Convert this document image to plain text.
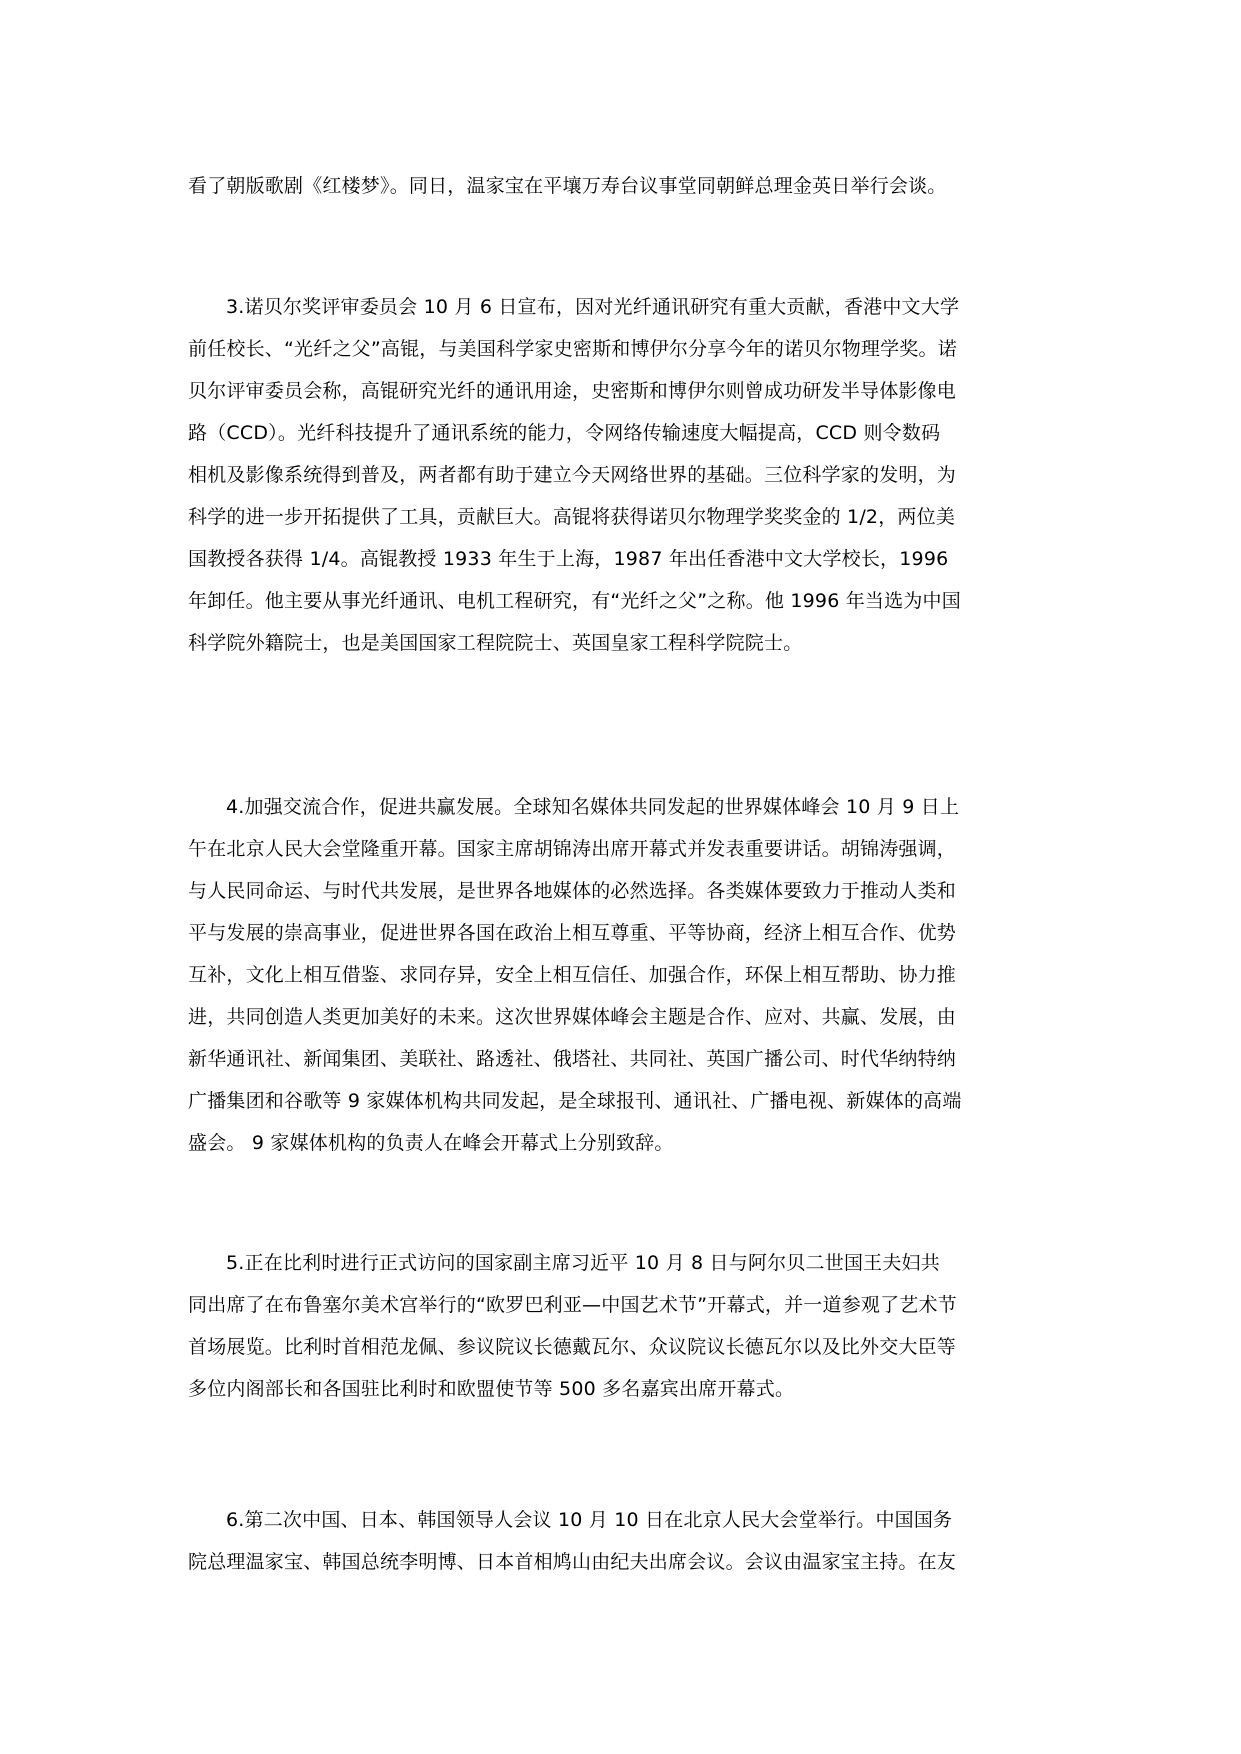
看了朝版歌剧《红楼梦》。同日，温家宝在平壤万寿台议事堂同朝鲜总理金英日举行会谈。
3.诺贝尔奖评审委员会 10 月 6 日宣布，因对光纤通讯研究有重大贡献，香港中文大学
前任校长、“光纤之父”高锟，与美国科学家史密斯和博伊尔分享今年的诺贝尔物理学奖。诺
贝尔评审委员会称，高锟研究光纤的通讯用途，史密斯和博伊尔则曾成功研发半导体影像电
路（CCD）。光纤科技提升了通讯系统的能力，令网络传输速度大幅提高，CCD 则令数码
相机及影像系统得到普及，两者都有助于建立今天网络世界的基础。三位科学家的发明，为
科学的进一步开拓提供了工具，贡献巨大。高锟将获得诺贝尔物理学奖奖金的 1/2，两位美
国教授各获得 1/4。高锟教授 1933 年生于上海，1987 年出任香港中文大学校长，1996
年卸任。他主要从事光纤通讯、电机工程研究，有“光纤之父”之称。他 1996 年当选为中国
科学院外籍院士，也是美国国家工程院院士、英国皇家工程科学院院士。
4.加强交流合作，促进共赢发展。全球知名媒体共同发起的世界媒体峰会 10 月 9 日上
午在北京人民大会堂隆重开幕。国家主席胡锦涛出席开幕式并发表重要讲话。胡锦涛强调，
与人民同命运、与时代共发展，是世界各地媒体的必然选择。各类媒体要致力于推动人类和
平与发展的崇高事业，促进世界各国在政治上相互尊重、平等协商，经济上相互合作、优势
互补，文化上相互借鉴、求同存异，安全上相互信任、加强合作，环保上相互帮助、协力推
进，共同创造人类更加美好的未来。这次世界媒体峰会主题是合作、应对、共赢、发展，由
新华通讯社、新闻集团、美联社、路透社、俄塔社、共同社、英国广播公司、时代华纳特纳
广播集团和谷歌等 9 家媒体机构共同发起，是全球报刊、通讯社、广播电视、新媒体的高端
盛会。 9 家媒体机构的负责人在峰会开幕式上分别致辞。
5.正在比利时进行正式访问的国家副主席习近平 10 月 8 日与阿尔贝二世国王夫妇共
同出席了在布鲁塞尔美术宫举行的“欧罗巴利亚—中国艺术节”开幕式，并一道参观了艺术节
首场展览。比利时首相范龙佩、参议院议长德戴瓦尔、众议院议长德瓦尔以及比外交大臣等
多位内阁部长和各国驻比利时和欧盟使节等 500 多名嘉宾出席开幕式。
6.第二次中国、日本、韩国领导人会议 10 月 10 日在北京人民大会堂举行。中国国务
院总理温家宝、韩国总统李明博、日本首相鸠山由纪夫出席会议。会议由温家宝主持。在友
